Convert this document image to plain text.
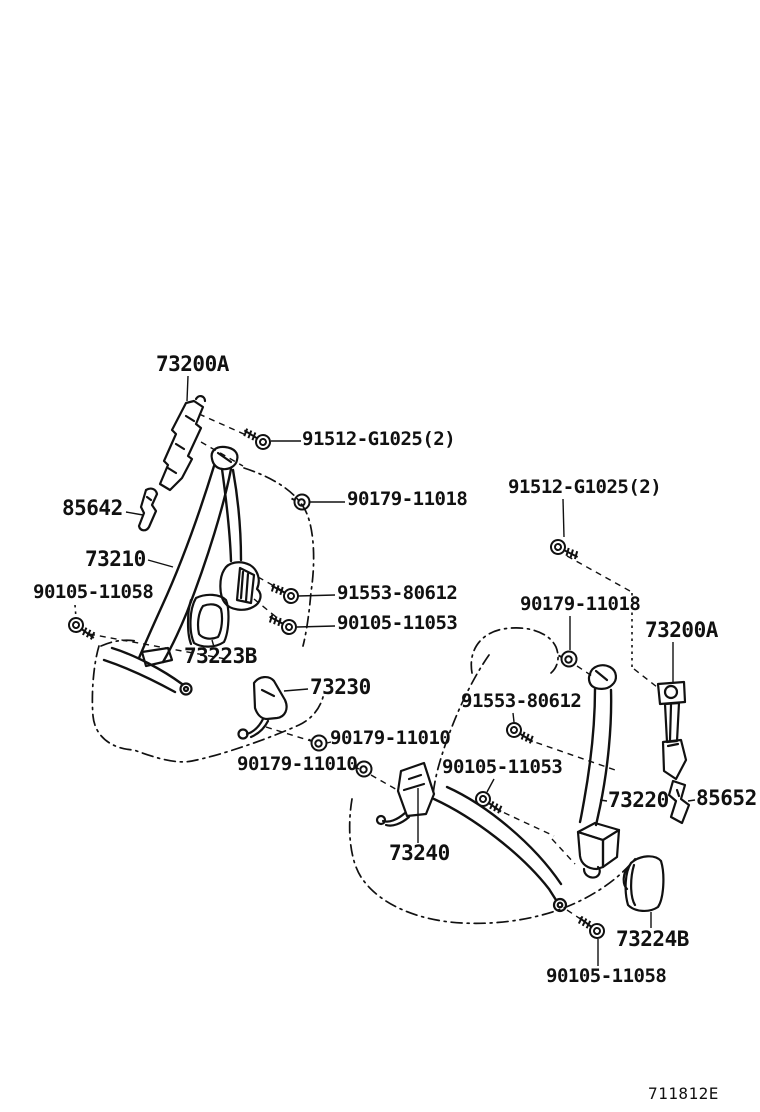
73200A
91512-G1025(2)
90179-11018
85642
91512-G1025(2)
73210
90105-11058	91553-80612	90179-11018
90105-11053	73200A
73223B
73230
91553-80612
90179-11010
90179-11010	90105-11053
73220 85652
73240
73224B
90105-11058
711812E
